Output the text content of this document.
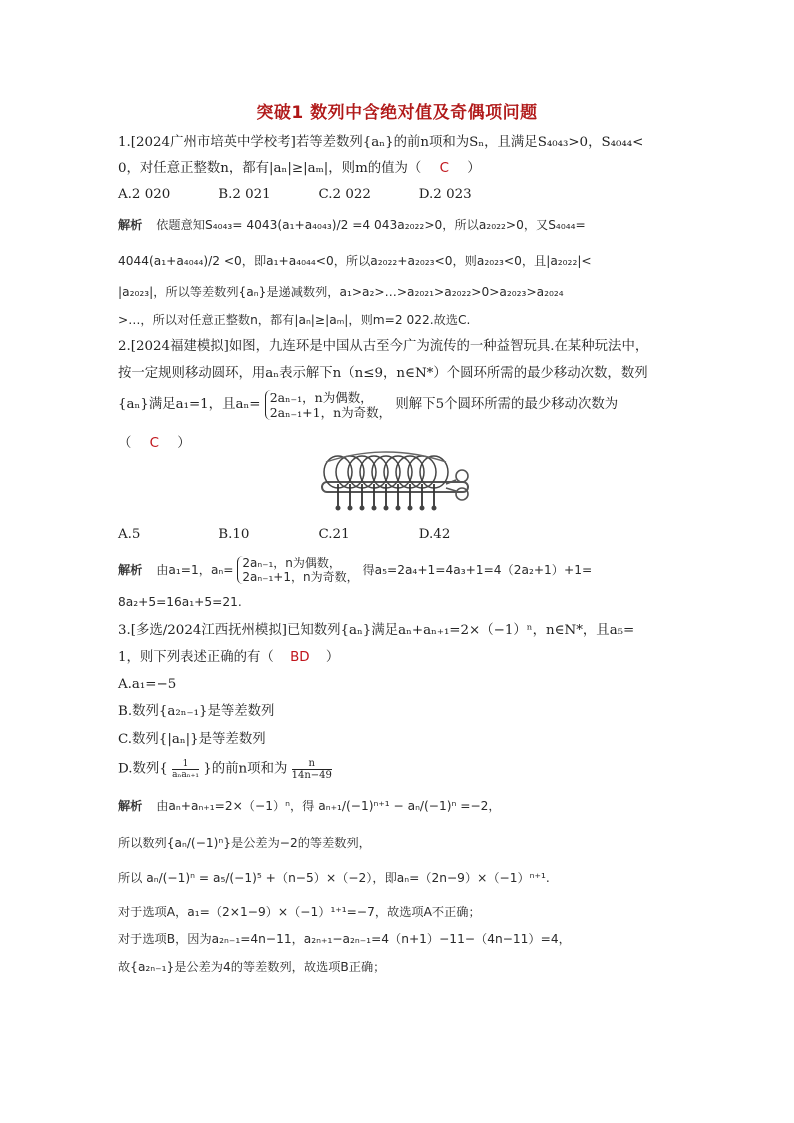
突破1 数列中含绝对值及奇偶项问题
1.[2024广州市培英中学校考]若等差数列{aₙ}的前n项和为Sₙ，且满足S₄₀₄₃>0，S₄₀₄₄<
0，对任意正整数n，都有|aₙ|≥|aₘ|，则m的值为（ C ）
A.2 020	B.2 021	C.2 022	D.2 023
解析 依题意知S₄₀₄₃= 4043(a₁+a₄₀₄₃)/2 =4 043a₂₀₂₂>0，所以a₂₀₂₂>0，又S₄₀₄₄=
4044(a₁+a₄₀₄₄)/2 <0，即a₁+a₄₀₄₄<0，所以a₂₀₂₂+a₂₀₂₃<0，则a₂₀₂₃<0，且|a₂₀₂₂|<
|a₂₀₂₃|，所以等差数列{aₙ}是递减数列，a₁>a₂>…>a₂₀₂₁>a₂₀₂₂>0>a₂₀₂₃>a₂₀₂₄
>…，所以对任意正整数n，都有|aₙ|≥|aₘ|，则m=2 022.故选C.
2.[2024福建模拟]如图，九连环是中国从古至今广为流传的一种益智玩具.在某种玩法中，
按一定规则移动圆环，用aₙ表示解下n（n≤9，n∈N*）个圆环所需的最少移动次数，数列
{aₙ}满足a₁=1，且aₙ= 2aₙ₋₁，n为偶数，
2aₙ₋₁+1，n为奇数，
则解下5个圆环所需的最少移动次数为
（ C ）
A.5	B.10	C.21	D.42
解析 由a₁=1，aₙ= 2aₙ₋₁，n为偶数，
2aₙ₋₁+1，n为奇数， 得a₅=2a₄+1=4a₃+1=4（2a₂+1）+1=
8a₂+5=16a₁+5=21.
3.[多选/2024江西抚州模拟]已知数列{aₙ}满足aₙ+aₙ₊₁=2×（−1）ⁿ，n∈N*，且a₅=
1，则下列表述正确的有（ BD ）
A.a₁=−5
B.数列{a₂ₙ₋₁}是等差数列
C.数列{|aₙ|}是等差数列
D.数列{	1
aₙaₙ₊₁ }的前n项和为 $\frac{n}{14n-49}$
解析 由aₙ+aₙ₊₁=2×（−1）ⁿ，得 aₙ₊₁/(−1)ⁿ⁺¹ − aₙ/(−1)ⁿ =−2，
所以数列{aₙ/(−1)ⁿ}是公差为−2的等差数列，
所以 aₙ/(−1)ⁿ = a₅/(−1)⁵ +（n−5）×（−2），即aₙ=（2n−9）×（−1）ⁿ⁺¹.
对于选项A，a₁=（2×1−9）×（−1）¹⁺¹=−7，故选项A不正确；
对于选项B，因为a₂ₙ₋₁=4n−11，a₂ₙ₊₁−a₂ₙ₋₁=4（n+1）−11−（4n−11）=4，
故{a₂ₙ₋₁}是公差为4的等差数列，故选项B正确；
